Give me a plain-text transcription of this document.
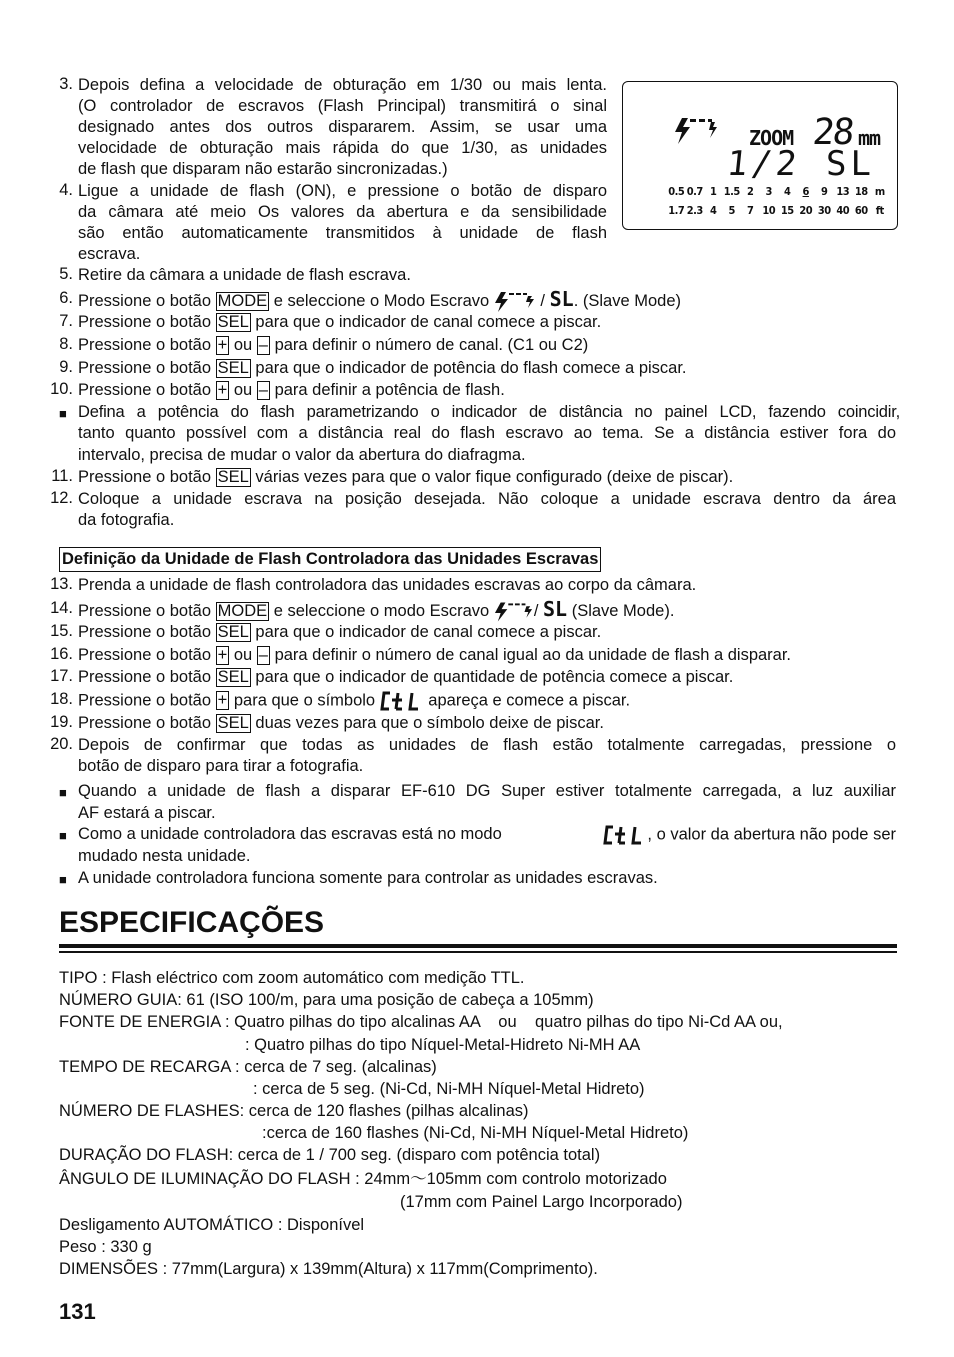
ZOOM 28 mm
1/2 SL
0.5 0.7 1 1.5 2	3	4	6	9 13 18 m
1.7 2.3 4	5	7 10 15 20 30 40 60 ft
3. Depois defina a velocidade de obturação em 1/30 ou mais lenta.
(O controlador de escravos (Flash Principal) transmitirá o sinal
designado antes dos outros dispararem. Assim, se usar uma
velocidade de obturação mais rápida do que 1/30, as unidades
de flash que disparam não estarão sincronizadas.)
4. Ligue a unidade de flash (ON), e pressione o botão de disparo
da câmara até meio Os valores da abertura e da sensibilidade
são então automaticamente transmitidos à unidade de flash
escrava.
5. Retire da câmara a unidade de flash escrava.
6. Pressione o botão MODE e seleccione o Modo Escravo	/ SL. (Slave Mode)
7. Pressione o botão SEL para que o indicador de canal comece a piscar.
8. Pressione o botão + ou – para definir o número de canal. (C1 ou C2)
9. Pressione o botão SEL para que o indicador de potência do flash comece a piscar.
10. Pressione o botão + ou – para definir a potência de flash.
■ Defina a potência do flash parametrizando o indicador de distância no painel LCD, fazendo coincidir,
tanto quanto possível com a distância real do flash escravo ao tema. Se a distância estiver fora do
intervalo, precisa de mudar o valor da abertura do diafragma.
11. Pressione o botão SEL várias vezes para que o valor fique configurado (deixe de piscar).
12. Coloque a unidade escrava na posição desejada. Não coloque a unidade escrava dentro da área
da fotografia.
Definição da Unidade de Flash Controladora das Unidades Escravas
13. Prenda a unidade de flash controladora das unidades escravas ao corpo da câmara.
14. Pressione o botão MODE e seleccione o modo Escravo	/ SL (Slave Mode).
15. Pressione o botão SEL para que o indicador de canal comece a piscar.
16. Pressione o botão + ou – para definir o número de canal igual ao da unidade de flash a disparar.
17. Pressione o botão SEL para que o indicador de quantidade de potência comece a piscar.
18. Pressione o botão + para que o símbolo	apareça e comece a piscar.
19. Pressione o botão SEL duas vezes para que o símbolo deixe de piscar.
20. Depois de confirmar que todas as unidades de flash estão totalmente carregadas, pressione o
botão de disparo para tirar a fotografia.
■ Quando a unidade de flash a disparar EF-610 DG Super estiver totalmente carregada, a luz auxiliar
AF estará a piscar.
■ Como a unidade controladora das escravas está no modo	, o valor da abertura não pode ser
mudado nesta unidade.
■ A unidade controladora funciona somente para controlar as unidades escravas.
ESPECIFICAÇÕES
TIPO : Flash eléctrico com zoom automático com medição TTL.
NÚMERO GUIA: 61 (ISO 100/m, para uma posição de cabeça a 105mm)
FONTE DE ENERGIA : Quatro pilhas do tipo alcalinas AA    ou    quatro pilhas do tipo Ni-Cd AA ou,
: Quatro pilhas do tipo Níquel-Metal-Hidreto Ni-MH AA
TEMPO DE RECARGA : cerca de 7 seg. (alcalinas)
: cerca de 5 seg. (Ni-Cd, Ni-MH Níquel-Metal Hidreto)
NÚMERO DE FLASHES: cerca de 120 flashes (pilhas alcalinas)
:cerca de 160 flashes (Ni-Cd, Ni-MH Níquel-Metal Hidreto)
DURAÇÃO DO FLASH: cerca de 1 / 700 seg. (disparo com potência total)
ÂNGULO DE ILUMINAÇÃO DO FLASH : 24mm～105mm com controlo motorizado
(17mm com Painel Largo Incorporado)
Desligamento AUTOMÁTICO : Disponível
Peso : 330 g
DIMENSÕES : 77mm(Largura) x 139mm(Altura) x 117mm(Comprimento).
131
